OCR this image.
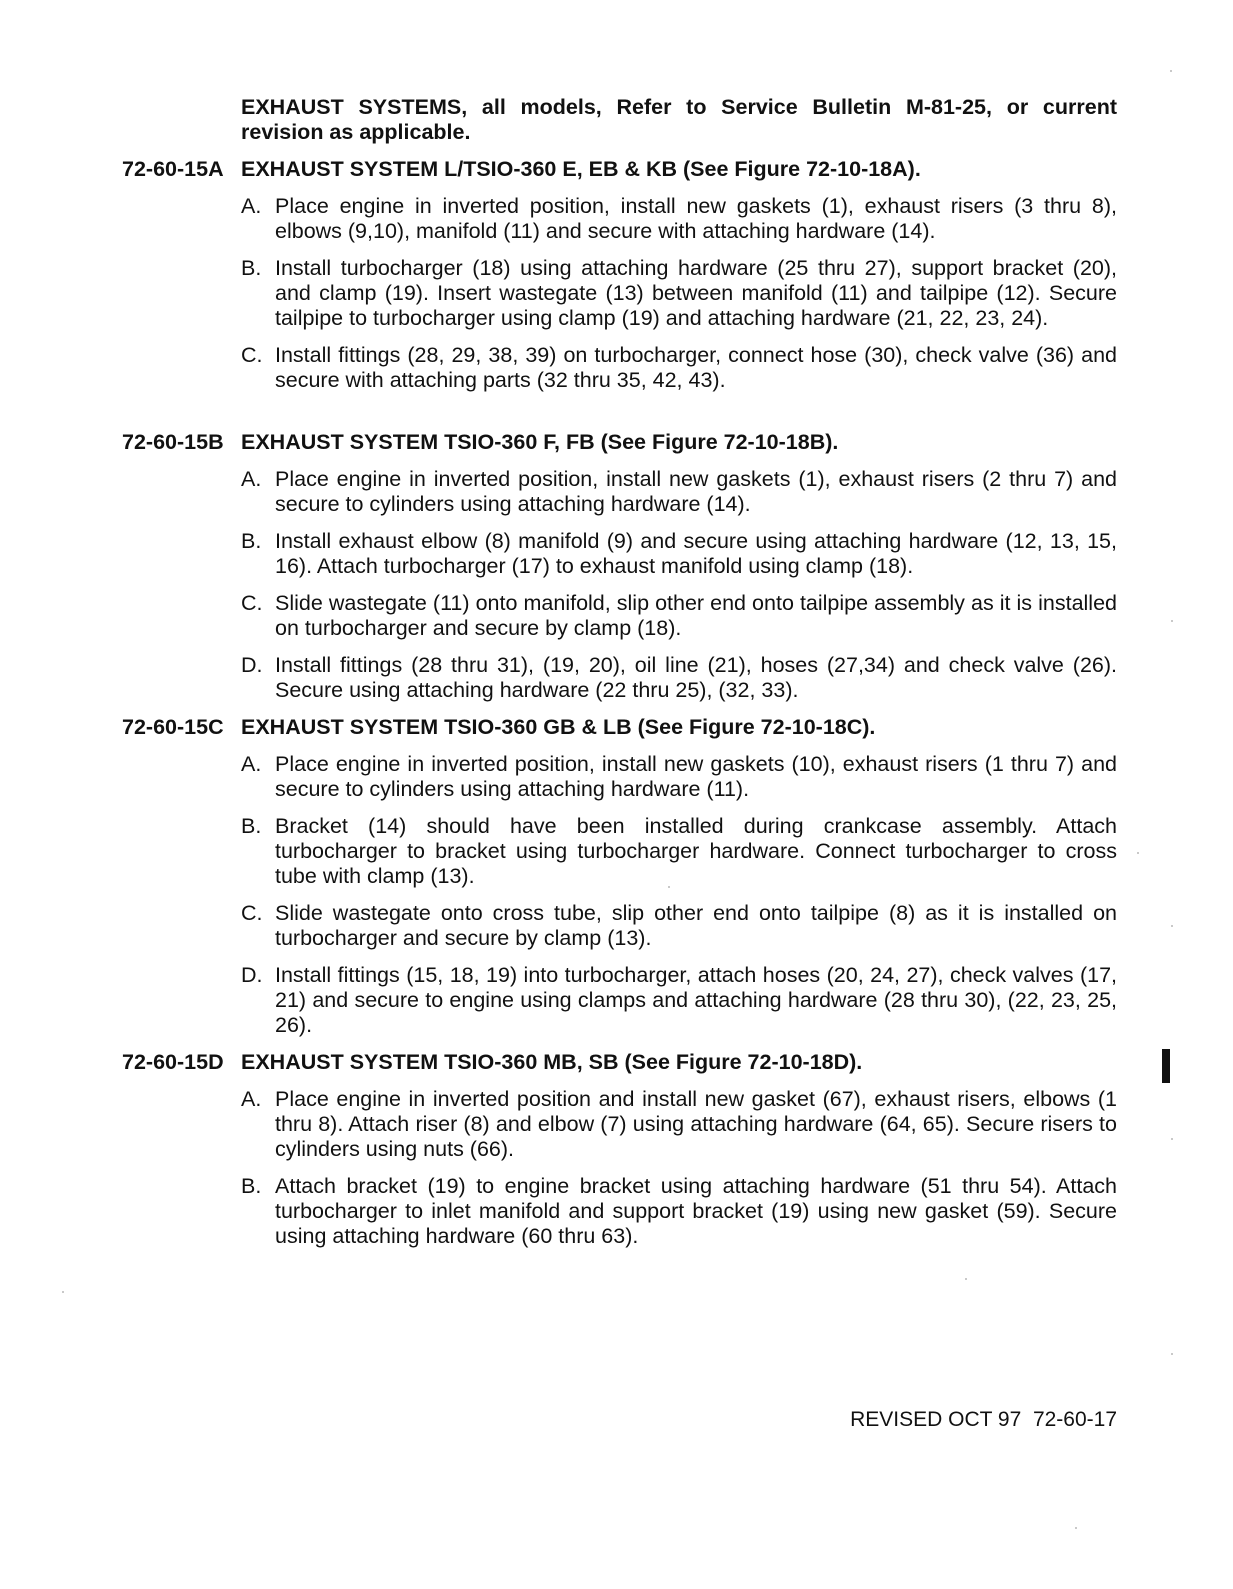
EXHAUST SYSTEMS, all models, Refer to Service Bulletin M-81-25, or current revision as applicable.
72-60-15A EXHAUST SYSTEM L/TSIO-360 E, EB & KB (See Figure 72-10-18A).
A. Place engine in inverted position, install new gaskets (1), exhaust risers (3 thru 8), elbows (9,10), manifold (11) and secure with attaching hardware (14).
B. Install turbocharger (18) using attaching hardware (25 thru 27), support bracket (20), and clamp (19). Insert wastegate (13) between manifold (11) and tailpipe (12). Secure tailpipe to turbocharger using clamp (19) and attaching hardware (21, 22, 23, 24).
C. Install fittings (28, 29, 38, 39) on turbocharger, connect hose (30), check valve (36) and secure with attaching parts (32 thru 35, 42, 43).
72-60-15B EXHAUST SYSTEM TSIO-360 F, FB (See Figure 72-10-18B).
A. Place engine in inverted position, install new gaskets (1), exhaust risers (2 thru 7) and secure to cylinders using attaching hardware (14).
B. Install exhaust elbow (8) manifold (9) and secure using attaching hardware (12, 13, 15, 16). Attach turbocharger (17) to exhaust manifold using clamp (18).
C. Slide wastegate (11) onto manifold, slip other end onto tailpipe assembly as it is installed on turbocharger and secure by clamp (18).
D. Install fittings (28 thru 31), (19, 20), oil line (21), hoses (27,34) and check valve (26). Secure using attaching hardware (22 thru 25), (32, 33).
72-60-15C EXHAUST SYSTEM TSIO-360 GB & LB (See Figure 72-10-18C).
A. Place engine in inverted position, install new gaskets (10), exhaust risers (1 thru 7) and secure to cylinders using attaching hardware (11).
B. Bracket (14) should have been installed during crankcase assembly. Attach turbocharger to bracket using turbocharger hardware. Connect turbocharger to cross tube with clamp (13).
C. Slide wastegate onto cross tube, slip other end onto tailpipe (8) as it is installed on turbocharger and secure by clamp (13).
D. Install fittings (15, 18, 19) into turbocharger, attach hoses (20, 24, 27), check valves (17, 21) and secure to engine using clamps and attaching hardware (28 thru 30), (22, 23, 25, 26).
72-60-15D EXHAUST SYSTEM TSIO-360 MB, SB (See Figure 72-10-18D).
A. Place engine in inverted position and install new gasket (67), exhaust risers, elbows (1 thru 8). Attach riser (8) and elbow (7) using attaching hardware (64, 65). Secure risers to cylinders using nuts (66).
B. Attach bracket (19) to engine bracket using attaching hardware (51 thru 54). Attach turbocharger to inlet manifold and support bracket (19) using new gasket (59). Secure using attaching hardware (60 thru 63).
REVISED OCT 97 72-60-17
